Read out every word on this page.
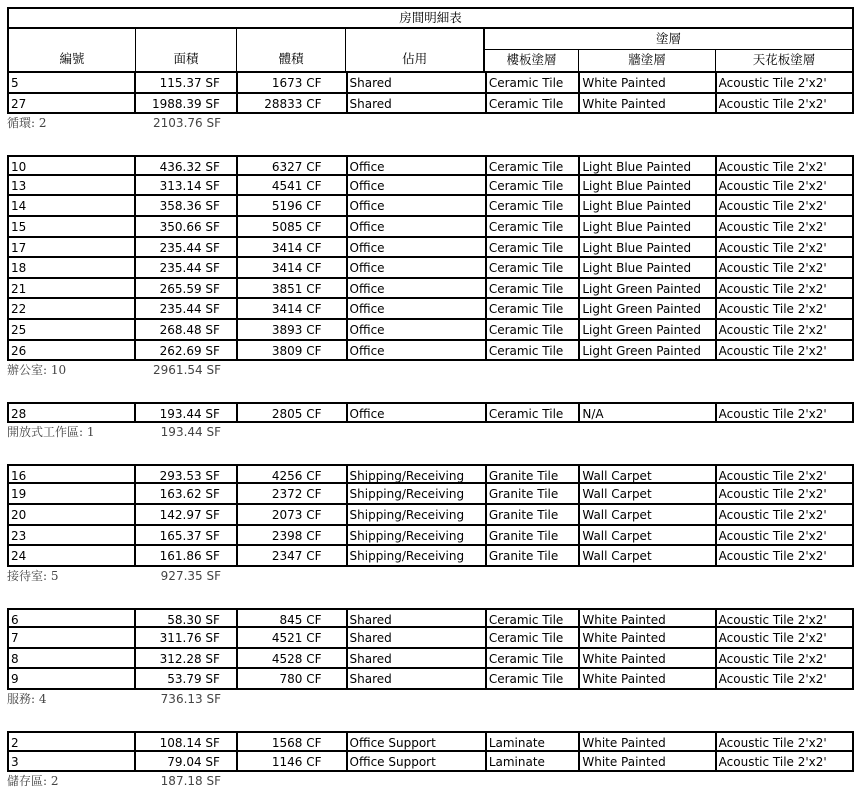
房間明細表
編號	面積	體積	佔用
塗層
樓板塗層	牆塗層	天花板塗層
5	115.37 SF	1673 CF	Shared	Ceramic Tile	White Painted	Acoustic Tile 2'x2'
27	1988.39 SF	28833 CF	Shared	Ceramic Tile	White Painted	Acoustic Tile 2'x2'
循環: 2	2103.76 SF
10	436.32 SF	6327 CF	Office	Ceramic Tile	Light Blue Painted	Acoustic Tile 2'x2'
13	313.14 SF	4541 CF	Office	Ceramic Tile	Light Blue Painted	Acoustic Tile 2'x2'
14	358.36 SF	5196 CF	Office	Ceramic Tile	Light Blue Painted	Acoustic Tile 2'x2'
15	350.66 SF	5085 CF	Office	Ceramic Tile	Light Blue Painted	Acoustic Tile 2'x2'
17	235.44 SF	3414 CF	Office	Ceramic Tile	Light Blue Painted	Acoustic Tile 2'x2'
18	235.44 SF	3414 CF	Office	Ceramic Tile	Light Blue Painted	Acoustic Tile 2'x2'
21	265.59 SF	3851 CF	Office	Ceramic Tile	Light Green Painted	Acoustic Tile 2'x2'
22	235.44 SF	3414 CF	Office	Ceramic Tile	Light Green Painted	Acoustic Tile 2'x2'
25	268.48 SF	3893 CF	Office	Ceramic Tile	Light Green Painted	Acoustic Tile 2'x2'
26	262.69 SF	3809 CF	Office	Ceramic Tile	Light Green Painted	Acoustic Tile 2'x2'
辦公室: 10	2961.54 SF
28	193.44 SF	2805 CF	Office	Ceramic Tile	N/A	Acoustic Tile 2'x2'
開放式工作區: 1	193.44 SF
16	293.53 SF	4256 CF	Shipping/Receiving	Granite Tile	Wall Carpet	Acoustic Tile 2'x2'
19	163.62 SF	2372 CF	Shipping/Receiving	Granite Tile	Wall Carpet	Acoustic Tile 2'x2'
20	142.97 SF	2073 CF	Shipping/Receiving	Granite Tile	Wall Carpet	Acoustic Tile 2'x2'
23	165.37 SF	2398 CF	Shipping/Receiving	Granite Tile	Wall Carpet	Acoustic Tile 2'x2'
24	161.86 SF	2347 CF	Shipping/Receiving	Granite Tile	Wall Carpet	Acoustic Tile 2'x2'
接待室: 5	927.35 SF
6	58.30 SF	845 CF	Shared	Ceramic Tile	White Painted	Acoustic Tile 2'x2'
7	311.76 SF	4521 CF	Shared	Ceramic Tile	White Painted	Acoustic Tile 2'x2'
8	312.28 SF	4528 CF	Shared	Ceramic Tile	White Painted	Acoustic Tile 2'x2'
9	53.79 SF	780 CF	Shared	Ceramic Tile	White Painted	Acoustic Tile 2'x2'
服務: 4	736.13 SF
2	108.14 SF	1568 CF	Office Support	Laminate	White Painted	Acoustic Tile 2'x2'
3	79.04 SF	1146 CF	Office Support	Laminate	White Painted	Acoustic Tile 2'x2'
儲存區: 2	187.18 SF
